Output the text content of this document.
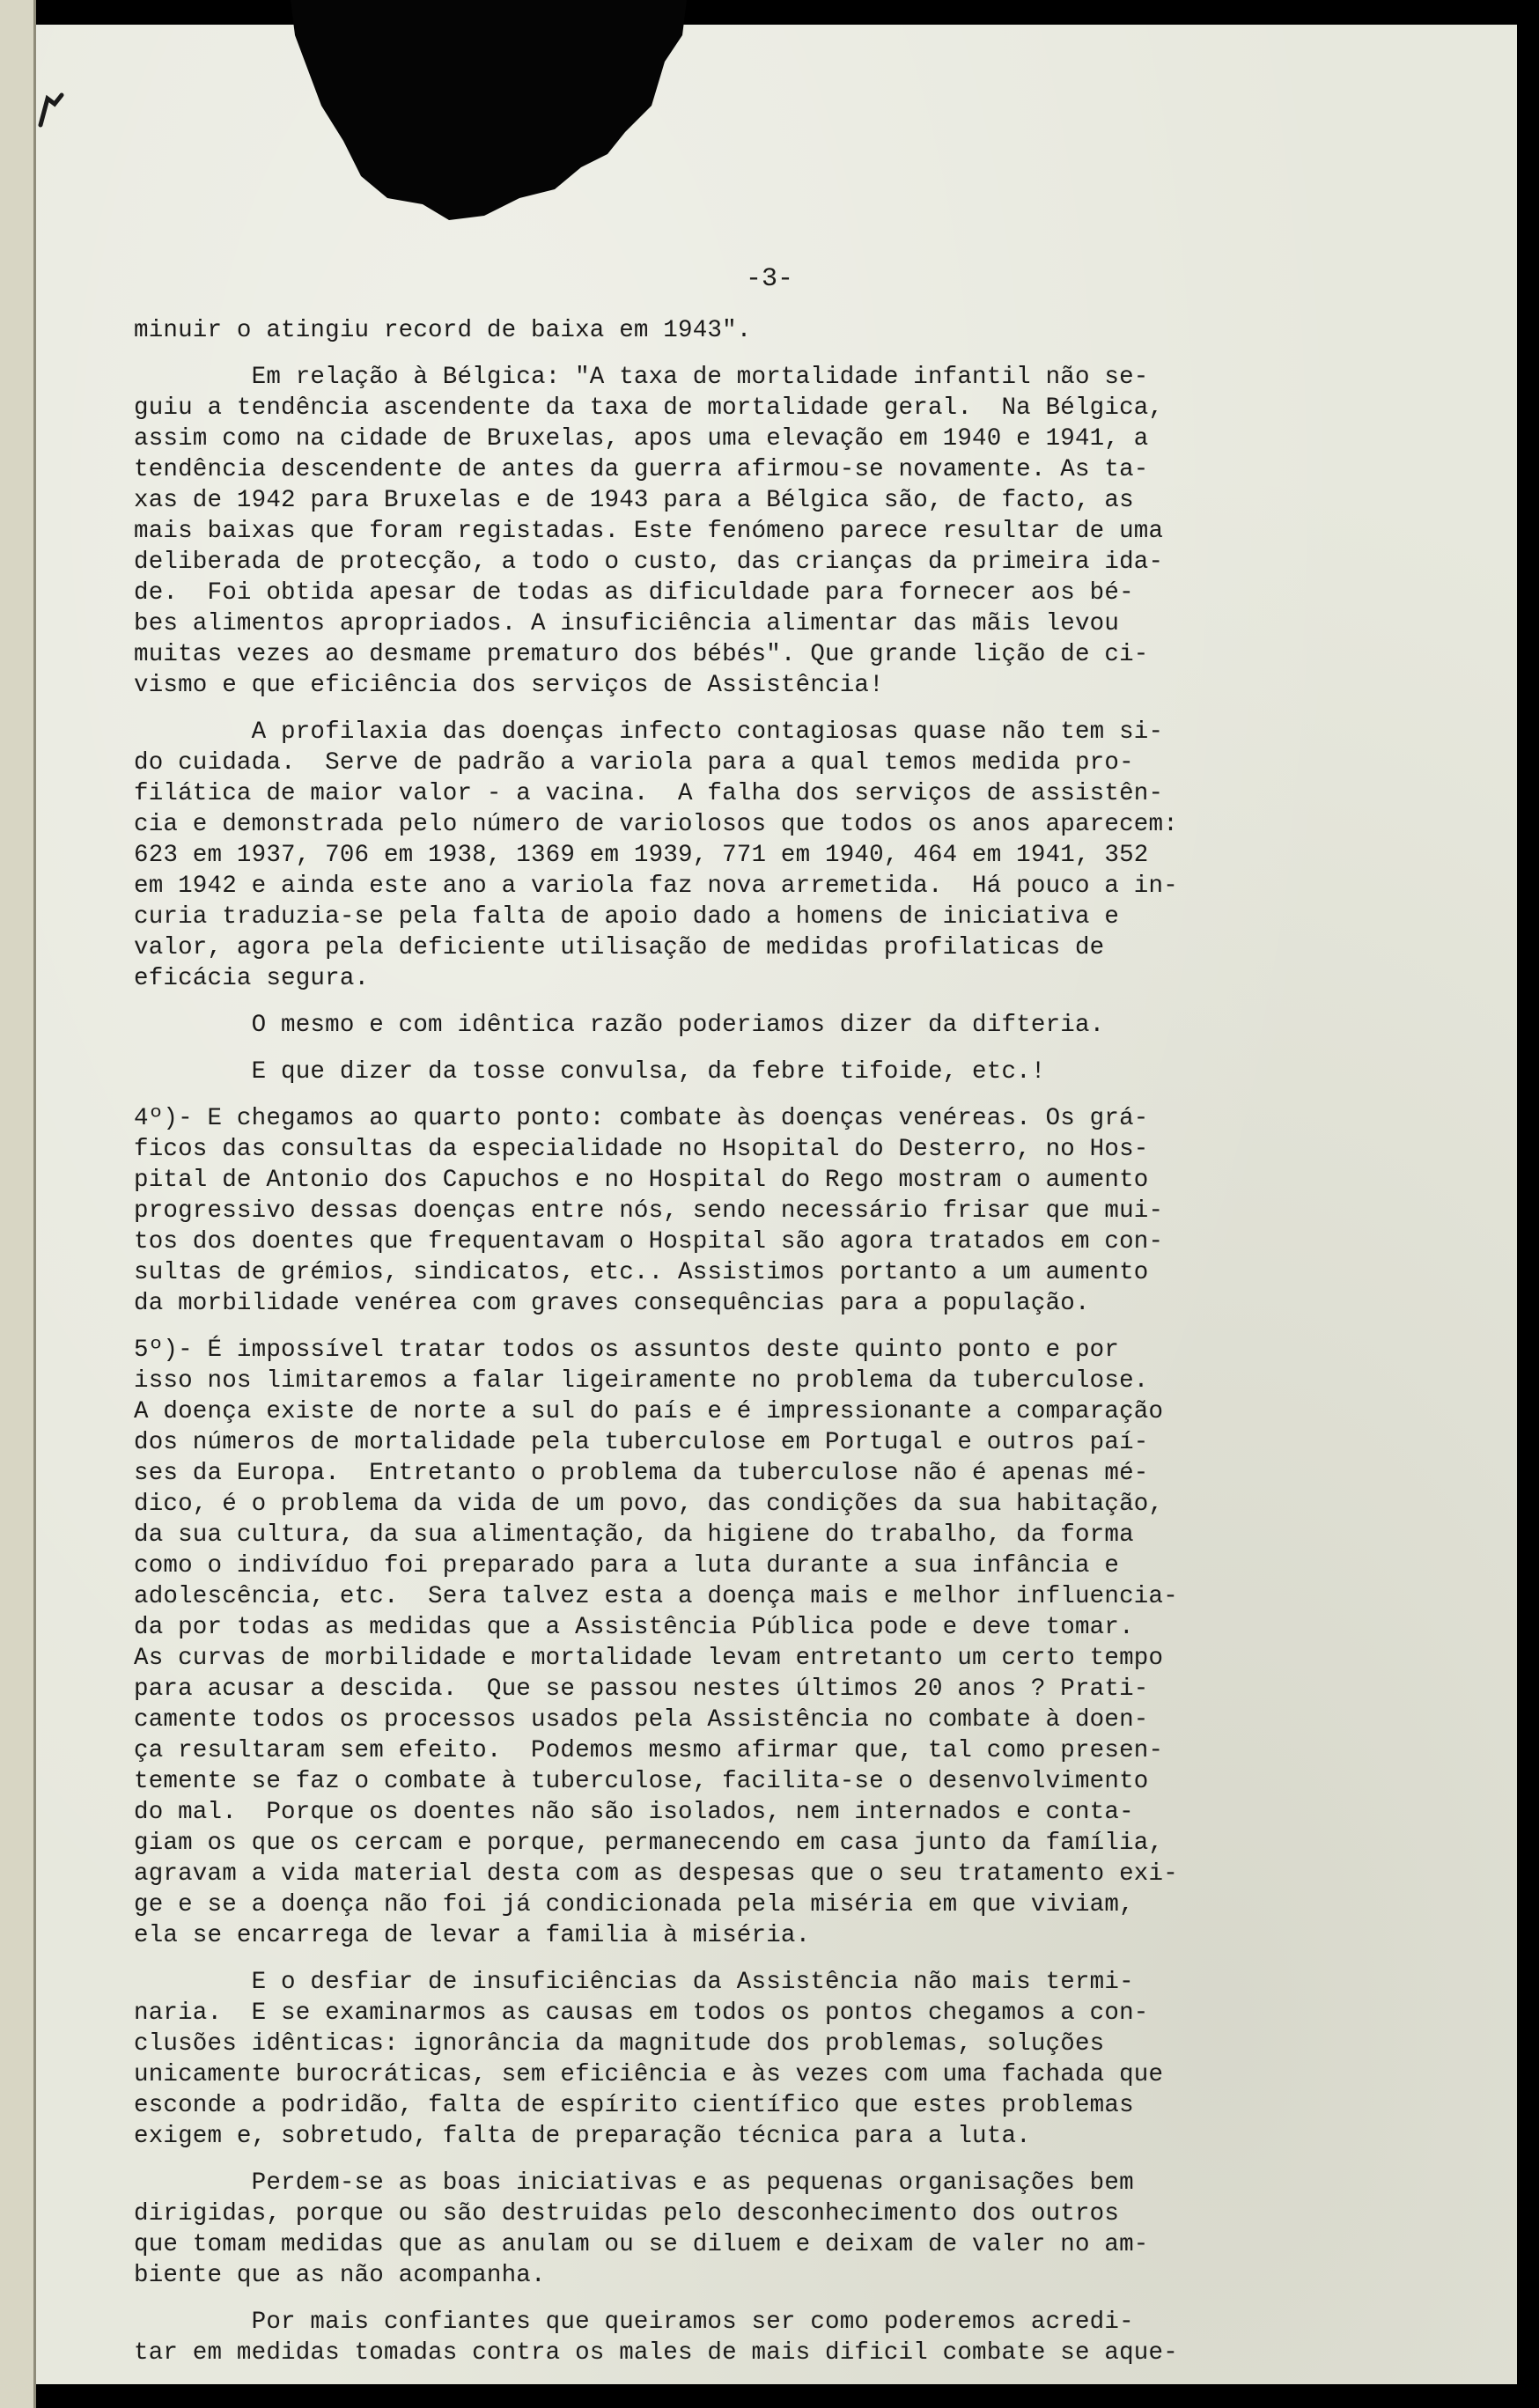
-3-
minuir o atingiu record de baixa em 1943".
Em relação à Bélgica: "A taxa de mortalidade infantil não se-
guiu a tendência ascendente da taxa de mortalidade geral.  Na Bélgica,
assim como na cidade de Bruxelas, apos uma elevação em 1940 e 1941, a
tendência descendente de antes da guerra afirmou-se novamente. As ta-
xas de 1942 para Bruxelas e de 1943 para a Bélgica são, de facto, as
mais baixas que foram registadas. Este fenómeno parece resultar de uma
deliberada de protecção, a todo o custo, das crianças da primeira ida-
de.  Foi obtida apesar de todas as dificuldade para fornecer aos bé-
bes alimentos apropriados. A insuficiência alimentar das mãis levou
muitas vezes ao desmame prematuro dos bébés". Que grande lição de ci-
vismo e que eficiência dos serviços de Assistência!
A profilaxia das doenças infecto contagiosas quase não tem si-
do cuidada.  Serve de padrão a variola para a qual temos medida pro-
filática de maior valor - a vacina.  A falha dos serviços de assistên-
cia e demonstrada pelo número de variolosos que todos os anos aparecem:
623 em 1937, 706 em 1938, 1369 em 1939, 771 em 1940, 464 em 1941, 352
em 1942 e ainda este ano a variola faz nova arremetida.  Há pouco a in-
curia traduzia-se pela falta de apoio dado a homens de iniciativa e
valor, agora pela deficiente utilisação de medidas profilaticas de
eficácia segura.
O mesmo e com idêntica razão poderiamos dizer da difteria.
E que dizer da tosse convulsa, da febre tifoide, etc.!
4º)- E chegamos ao quarto ponto: combate às doenças venéreas. Os grá-
ficos das consultas da especialidade no Hsopital do Desterro, no Hos-
pital de Antonio dos Capuchos e no Hospital do Rego mostram o aumento
progressivo dessas doenças entre nós, sendo necessário frisar que mui-
tos dos doentes que frequentavam o Hospital são agora tratados em con-
sultas de grémios, sindicatos, etc.. Assistimos portanto a um aumento
da morbilidade venérea com graves consequências para a população.
5º)- É impossível tratar todos os assuntos deste quinto ponto e por
isso nos limitaremos a falar ligeiramente no problema da tuberculose.
A doença existe de norte a sul do país e é impressionante a comparação
dos números de mortalidade pela tuberculose em Portugal e outros paí-
ses da Europa.  Entretanto o problema da tuberculose não é apenas mé-
dico, é o problema da vida de um povo, das condições da sua habitação,
da sua cultura, da sua alimentação, da higiene do trabalho, da forma
como o indivíduo foi preparado para a luta durante a sua infância e
adolescência, etc.  Sera talvez esta a doença mais e melhor influencia-
da por todas as medidas que a Assistência Pública pode e deve tomar.
As curvas de morbilidade e mortalidade levam entretanto um certo tempo
para acusar a descida.  Que se passou nestes últimos 20 anos ? Prati-
camente todos os processos usados pela Assistência no combate à doen-
ça resultaram sem efeito.  Podemos mesmo afirmar que, tal como presen-
temente se faz o combate à tuberculose, facilita-se o desenvolvimento
do mal.  Porque os doentes não são isolados, nem internados e conta-
giam os que os cercam e porque, permanecendo em casa junto da família,
agravam a vida material desta com as despesas que o seu tratamento exi-
ge e se a doença não foi já condicionada pela miséria em que viviam,
ela se encarrega de levar a familia à miséria.
E o desfiar de insuficiências da Assistência não mais termi-
naria.  E se examinarmos as causas em todos os pontos chegamos a con-
clusões idênticas: ignorância da magnitude dos problemas, soluções
unicamente burocráticas, sem eficiência e às vezes com uma fachada que
esconde a podridão, falta de espírito científico que estes problemas
exigem e, sobretudo, falta de preparação técnica para a luta.
Perdem-se as boas iniciativas e as pequenas organisações bem
dirigidas, porque ou são destruidas pelo desconhecimento dos outros
que tomam medidas que as anulam ou se diluem e deixam de valer no am-
biente que as não acompanha.
Por mais confiantes que queiramos ser como poderemos acredi-
tar em medidas tomadas contra os males de mais dificil combate se aque-
